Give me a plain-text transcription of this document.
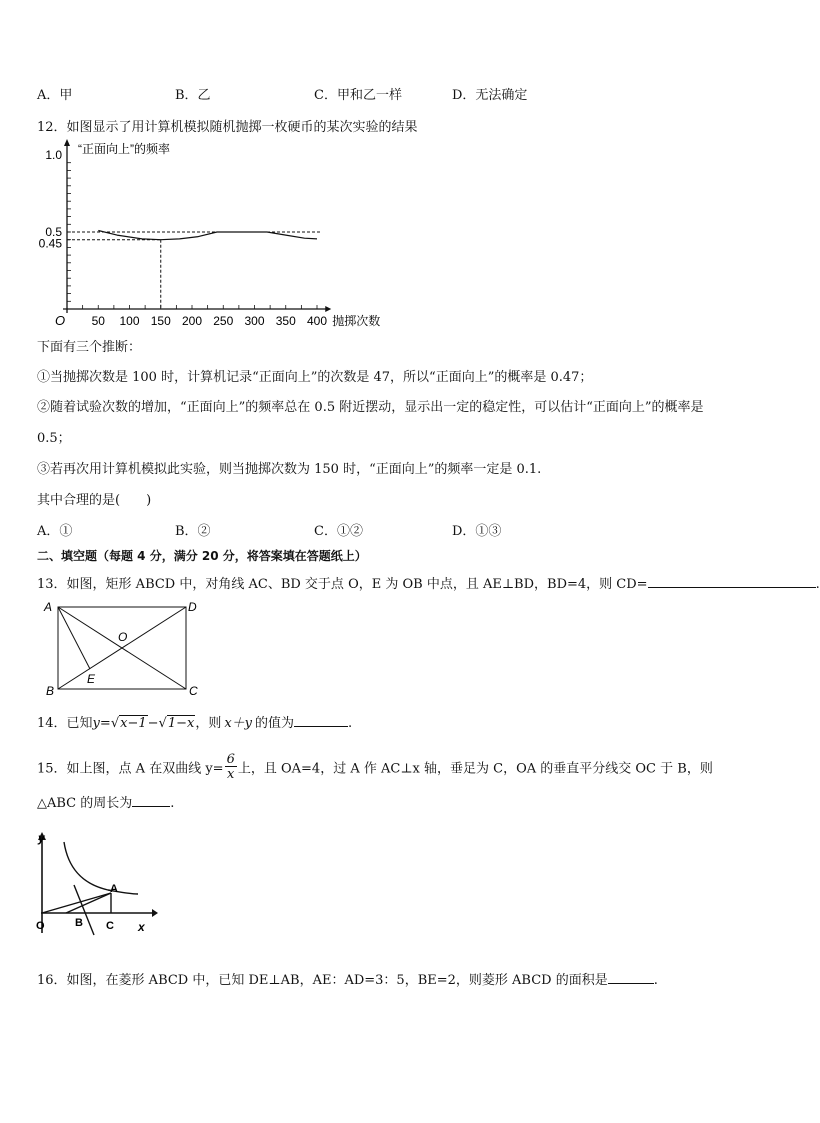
A．甲	B．乙	C．甲和乙一样	D．无法确定
12．如图显示了用计算机模拟随机抛掷一枚硬币的某次实验的结果
50 100 150 200 250 300 350 400
1.0
0.5
0.45
“正面向上”的频率
抛掷次数
O
下面有三个推断：
①当抛掷次数是 100 时，计算机记录“正面向上”的次数是 47，所以“正面向上”的概率是 0.47；
②随着试验次数的增加，“正面向上”的频率总在 0.5 附近摆动，显示出一定的稳定性，可以估计“正面向上”的概率是
0.5；
③若再次用计算机模拟此实验，则当抛掷次数为 150 时，“正面向上”的频率一定是 0.1.
其中合理的是(　　)
A．①	B．②	C．①②	D．①③
二、填空题（每题 4 分，满分 20 分，将答案填在答题纸上）
13．如图，矩形 ABCD 中，对角线 AC、BD 交于点 O，E 为 OB 中点，且 AE⊥BD，BD=4，则 CD=	.
A	D
B	C
O
E
14．已知y=√x−1−√1−x，则 x＋y 的值为	.
15．如上图，点 A 在双曲线 $y= \frac{6}{x}$ 上，且 OA=4，过 A 作 AC⊥x 轴，垂足为 C，OA 的垂直平分线交 OC 于 B，则
△ABC 的周长为	.
y
x
O
A
B C
16．如图，在菱形 ABCD 中，已知 DE⊥AB，AE：AD=3：5，BE=2，则菱形 ABCD 的面积是	.
